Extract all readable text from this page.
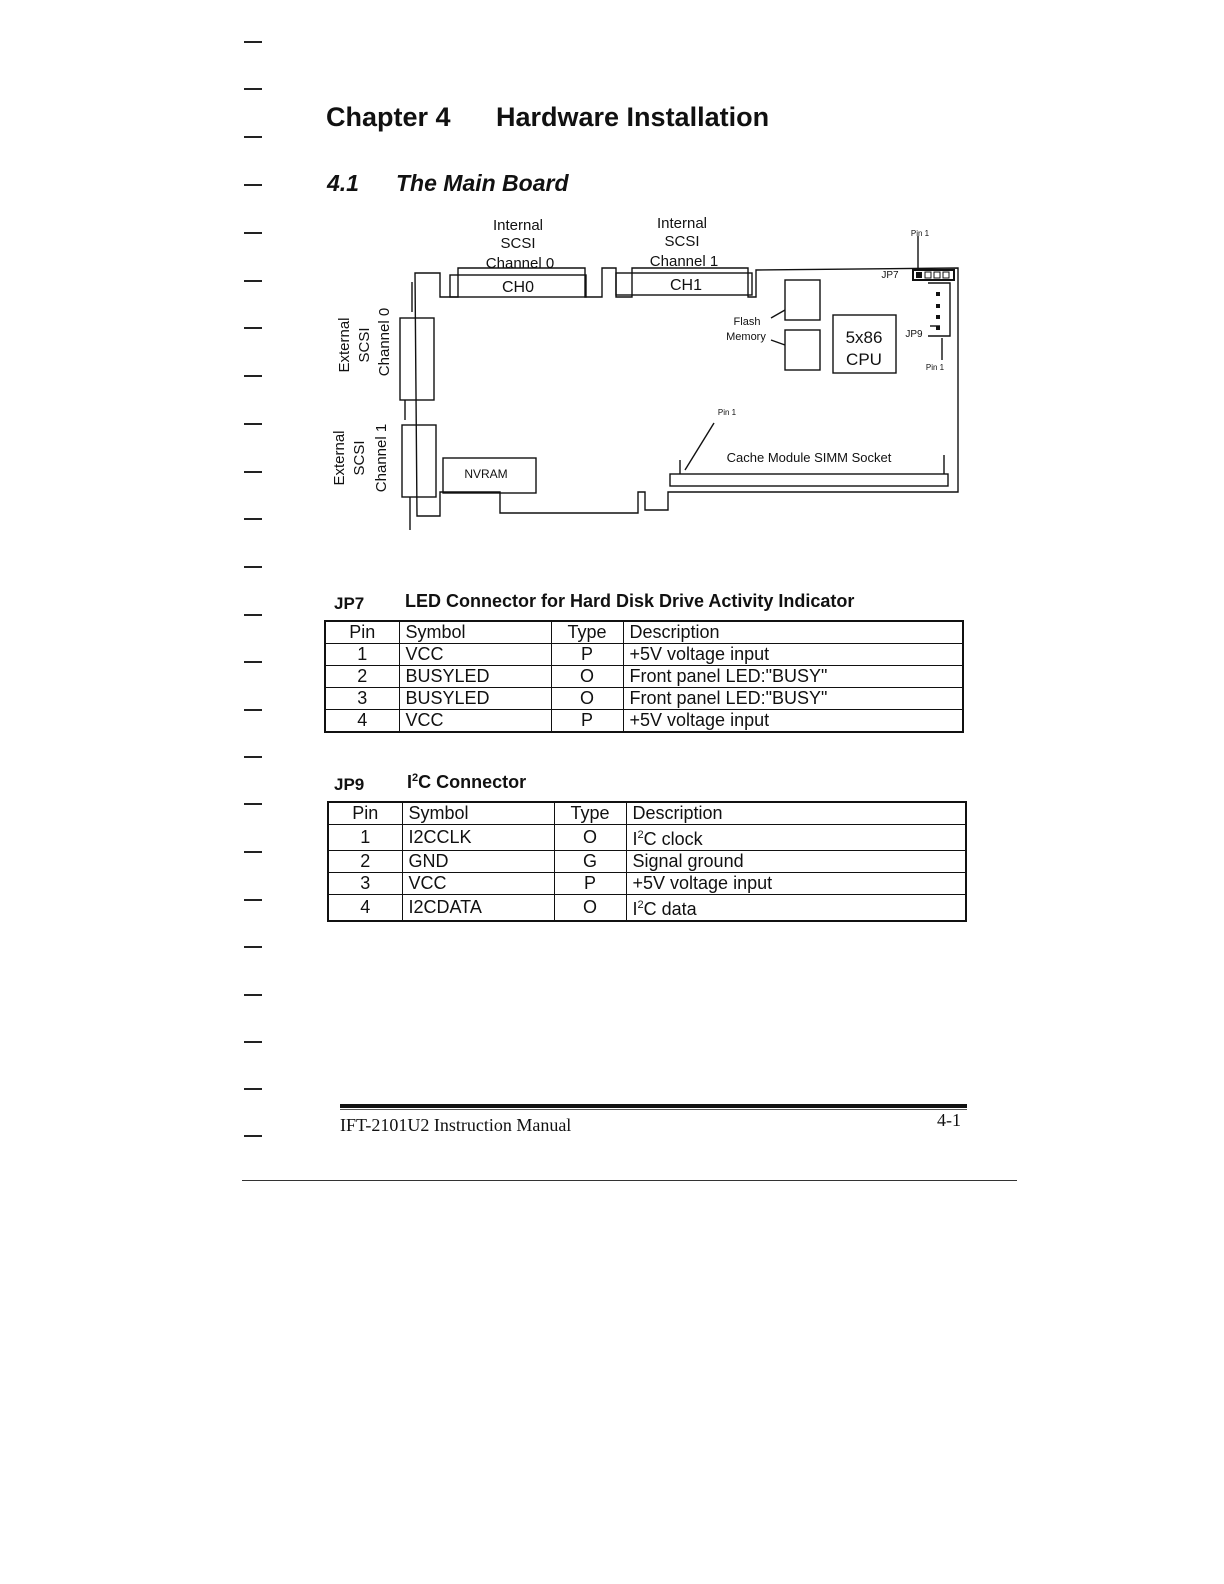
Chapter 4 Hardware Installation
4.1 The Main Board
Internal
SCSI
Channel 0
Internal
SCSI
Channel 1
CH0	CH1
Pin 1
JP7
JP9
Pin 1
Flash
Memory	5x86
CPU
Pin 1
Cache Module SIMM Socket
NVRAM
External SCSI Channel 0
External SCSI Channel 1
JP7 LED Connector for Hard Disk Drive Activity Indicator
Pin	Symbol	Type	Description
1	VCC	P	+5V voltage input
2	BUSYLED	O	Front panel LED:"BUSY"
3	BUSYLED	O	Front panel LED:"BUSY"
4	VCC	P	+5V voltage input
JP9 $I^2C$ Connector
Pin	Symbol	Type	Description
1	I2CCLK	O	$I^2C$ clock
2	GND	G	Signal ground
3	VCC	P	+5V voltage input
4	I2CDATA	O	$I^2C$ data
IFT-2101U2 Instruction Manual	4-1
